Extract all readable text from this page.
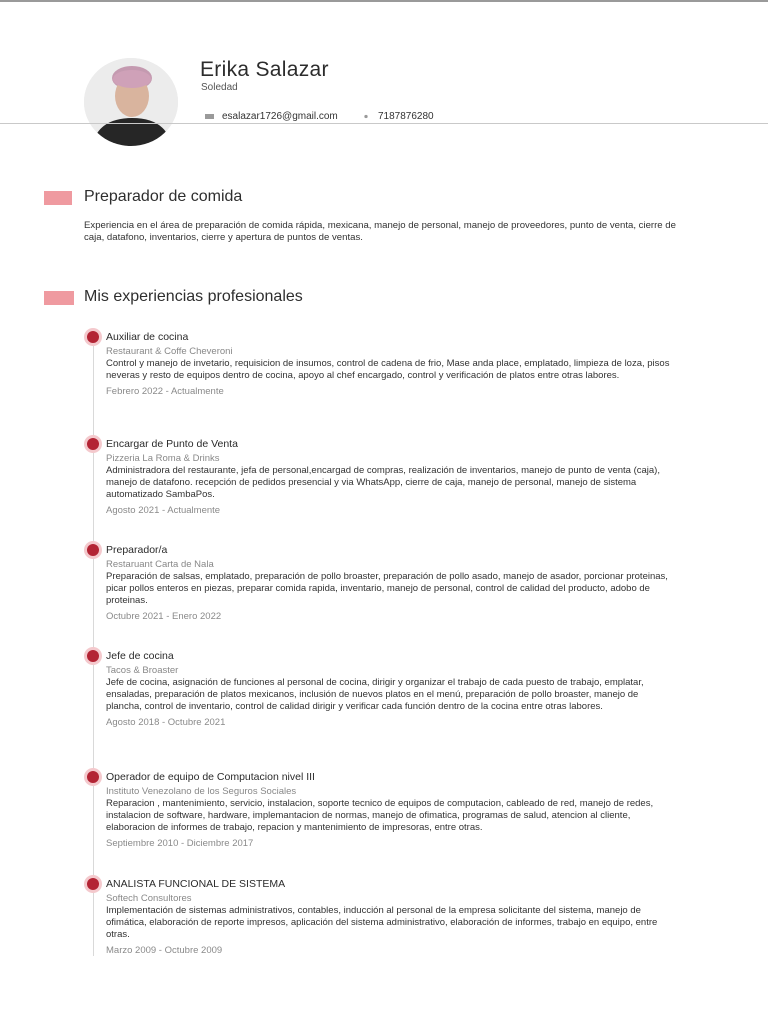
Erika Salazar
Soledad
esalazar1726@gmail.com	7187876280
Preparador de comida
Experiencia en el área de preparación de comida rápida, mexicana, manejo de personal, manejo de proveedores, punto de venta, cierre de caja, datafono, inventarios, cierre y apertura de puntos de ventas.
Mis experiencias profesionales
Auxiliar de cocina
Restaurant & Coffe Cheveroni
Control y manejo de invetario, requisicion de insumos, control de cadena de frio, Mase anda place, emplatado, limpieza de loza, pisos neveras y resto de equipos dentro de cocina, apoyo al chef encargado, control y verificación de platos entre otras labores.
Febrero 2022 - Actualmente
Encargar de Punto de Venta
Pizzeria La Roma & Drinks
Administradora del restaurante, jefa de personal,encargad de compras, realización de inventarios, manejo de punto de venta (caja), manejo de datafono. recepción de pedidos presencial y via WhatsApp, cierre de caja, manejo de personal, manejo de sistema automatizado SambaPos.
Agosto 2021 - Actualmente
Preparador/a
Restaruant Carta de Nala
Preparación de salsas, emplatado, preparación de pollo broaster, preparación de pollo asado, manejo de asador, porcionar proteinas, picar pollos enteros en piezas, preparar comida rapida, inventario, manejo de personal, control de calidad del producto, adobo de proteinas.
Octubre 2021 - Enero 2022
Jefe de cocina
Tacos & Broaster
Jefe de cocina, asignación de funciones al personal de cocina, dirigir y organizar el trabajo de cada puesto de trabajo, emplatar, ensaladas, preparación de platos mexicanos, inclusión de nuevos platos en el menú, preparación de pollo broaster, manejo de plancha, control de inventario, control de calidad dirigir y verificar cada función dentro de la cocina entre otras labores.
Agosto 2018 - Octubre 2021
Operador de equipo de Computacion nivel III
Instituto Venezolano de los Seguros Sociales
Reparacion , mantenimiento, servicio, instalacion, soporte tecnico de equipos de computacion, cableado de red, manejo de redes, instalacion de software, hardware, implemantacion de normas, manejo de ofimatica, programas de salud, atencion al cliente, elaboracion de informes de trabajo, repacion y mantenimiento de impresoras, entre otras.
Septiembre 2010 - Diciembre 2017
ANALISTA FUNCIONAL DE SISTEMA
Softech Consultores
Implementación de sistemas administrativos, contables, inducción al personal de la empresa solicitante del sistema, manejo de ofimática, elaboración de reporte impresos, aplicación del sistema administrativo, elaboración de informes, trabajo en equipo, entre otras.
Marzo 2009 - Octubre 2009
